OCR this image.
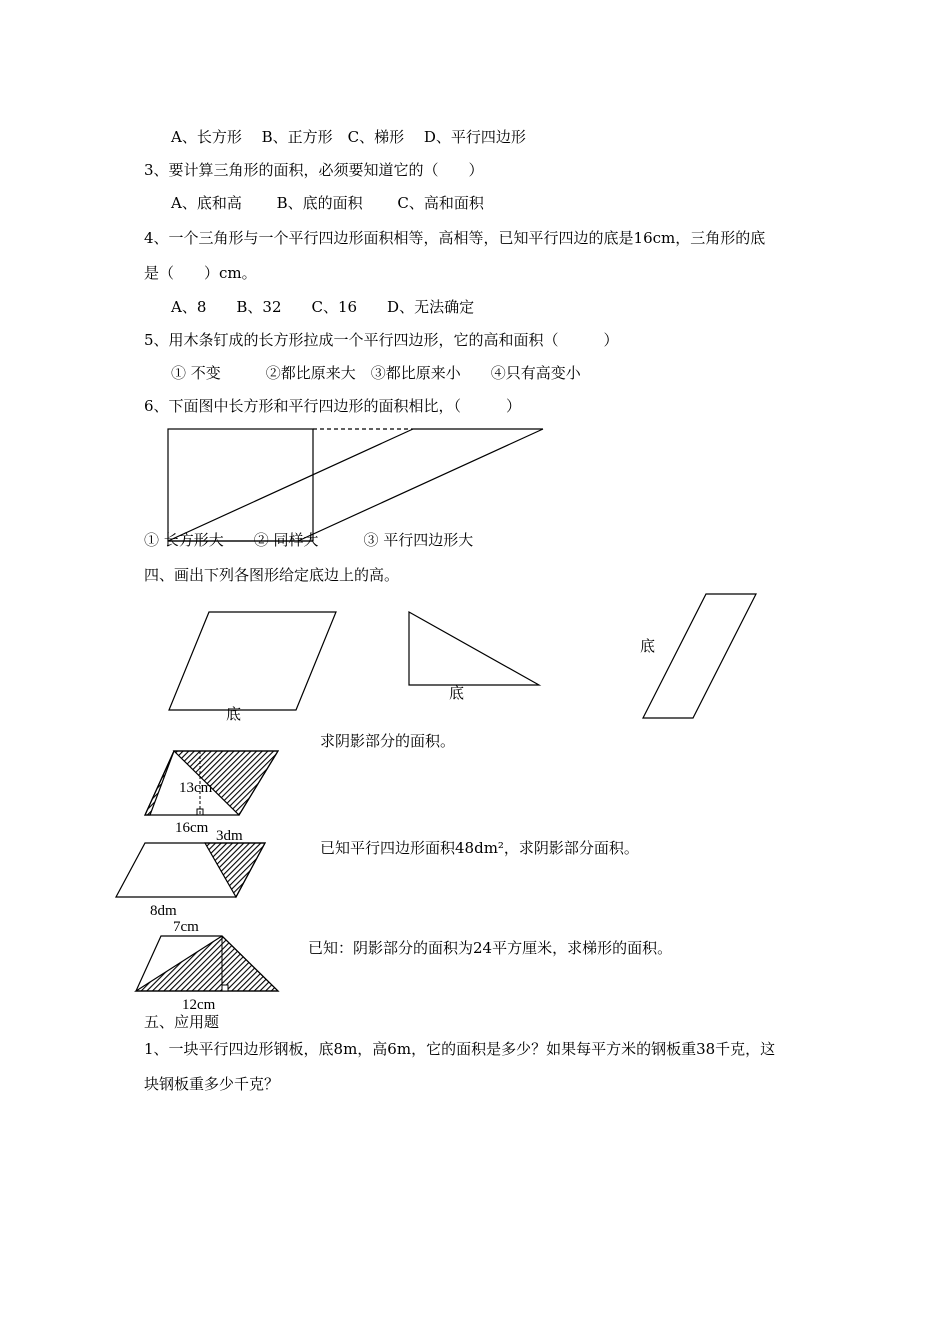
A、长方形　 B、正方形　C、梯形　 D、平行四边形
3、要计算三角形的面积，必须要知道它的（　　）
A、底和高　　 B、底的面积　　 C、高和面积
4、一个三角形与一个平行四边形面积相等，高相等，已知平行四边的底是16cm，三角形的底
是（　　）cm。
A、8　　B、32　　C、16　　D、无法确定
5、用木条钉成的长方形拉成一个平行四边形，它的高和面积（　　　）
① 不变　　　②都比原来大　③都比原来小　　④只有高变小
6、下面图中长方形和平行四边形的面积相比，（　　　）
① 长方形大　　② 同样大　　　③ 平行四边形大
四、画出下列各图形给定底边上的高。
底
底
底
求阴影部分的面积。
13cm
16cm 3dm
已知平行四边形面积48dm²，求阴影部分面积。
8dm
7cm
已知：阴影部分的面积为24平方厘米，求梯形的面积。
12cm
五、应用题
1、一块平行四边形钢板，底8m，高6m，它的面积是多少？如果每平方米的钢板重38千克，这
块钢板重多少千克？
